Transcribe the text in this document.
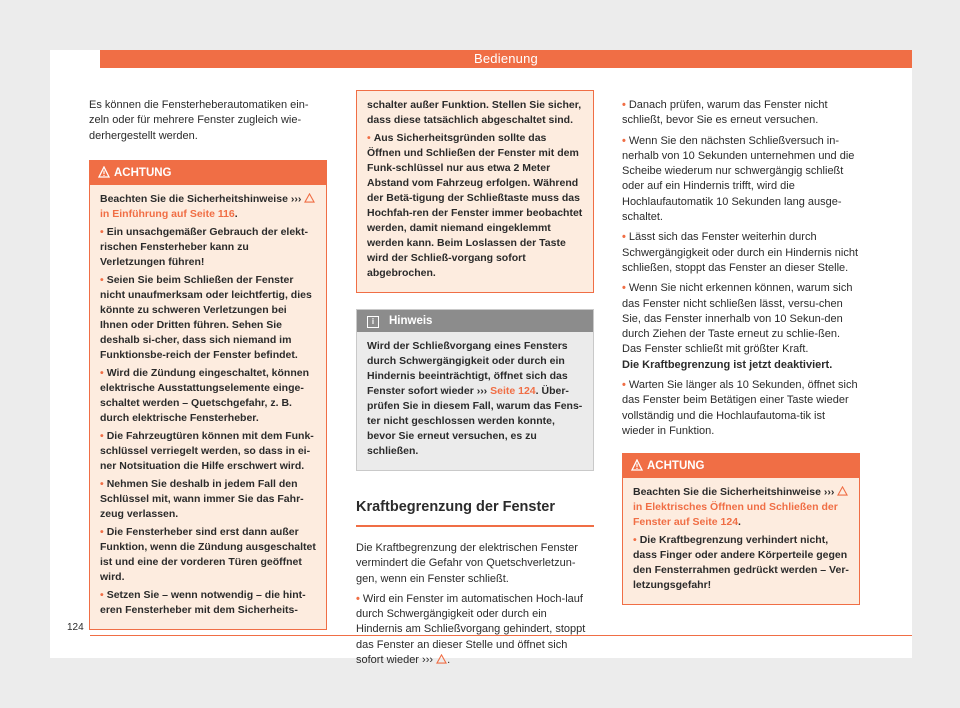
Bedienung

Es können die Fensterheberautomatiken ein-zeln oder für mehrere Fenster zugleich wie-derhergestellt werden.

ACHTUNG

Beachten Sie die Sicherheitshinweise ›››
in Einführung auf Seite 116.

• Ein unsachgemäßer Gebrauch der elekt-rischen Fensterheber kann zu Verletzungen führen!

• Seien Sie beim Schließen der Fenster nicht unaufmerksam oder leichtfertig, dies könnte zu schweren Verletzungen bei Ihnen oder Dritten führen. Sehen Sie deshalb si-cher, dass sich niemand im Funktionsbe-reich der Fenster befindet.

• Wird die Zündung eingeschaltet, können elektrische Ausstattungselemente einge-schaltet werden – Quetschgefahr, z. B. durch elektrische Fensterheber.

• Die Fahrzeugtüren können mit dem Funk-schlüssel verriegelt werden, so dass in ei-ner Notsituation die Hilfe erschwert wird.

• Nehmen Sie deshalb in jedem Fall den Schlüssel mit, wann immer Sie das Fahr-zeug verlassen.

• Die Fensterheber sind erst dann außer Funktion, wenn die Zündung ausgeschaltet ist und eine der vorderen Türen geöffnet wird.

• Setzen Sie – wenn notwendig – die hint-eren Fensterheber mit dem Sicherheits-

schalter außer Funktion. Stellen Sie sicher, dass diese tatsächlich abgeschaltet sind.

• Aus Sicherheitsgründen sollte das Öffnen und Schließen der Fenster mit dem Funk-schlüssel nur aus etwa 2 Meter Abstand vom Fahrzeug erfolgen. Während der Betä-tigung der Schließtaste muss das Hochfah-ren der Fenster immer beobachtet werden, damit niemand eingeklemmt werden kann. Beim Loslassen der Taste wird der Schließ-vorgang sofort abgebrochen.

i	Hinweis

Wird der Schließvorgang eines Fensters durch Schwergängigkeit oder durch ein Hindernis beeinträchtigt, öffnet sich das Fenster sofort wieder ››› Seite 124. Über-prüfen Sie in diesem Fall, warum das Fens-ter nicht geschlossen werden konnte, bevor Sie erneut versuchen, es zu schließen.

Kraftbegrenzung der Fenster

Die Kraftbegrenzung der elektrischen Fenster vermindert die Gefahr von Quetschverletzun-gen, wenn ein Fenster schließt.

• Wird ein Fenster im automatischen Hoch-lauf durch Schwergängigkeit oder durch ein Hindernis am Schließvorgang gehindert, stoppt das Fenster an dieser Stelle und öffnet sich sofort wieder ››› .

• Danach prüfen, warum das Fenster nicht schließt, bevor Sie es erneut versuchen.

• Wenn Sie den nächsten Schließversuch in-nerhalb von 10 Sekunden unternehmen und die Scheibe wiederum nur schwergängig schließt oder auf ein Hindernis trifft, wird die Hochlaufautomatik 10 Sekunden lang ausge-schaltet.

• Lässt sich das Fenster weiterhin durch Schwergängigkeit oder durch ein Hindernis nicht schließen, stoppt das Fenster an dieser Stelle.

• Wenn Sie nicht erkennen können, warum sich das Fenster nicht schließen lässt, versu-chen Sie, das Fenster innerhalb von 10 Sekun-den durch Ziehen der Taste erneut zu schlie-ßen. Das Fenster schließt mit größter Kraft.

Die Kraftbegrenzung ist jetzt deaktiviert.

• Warten Sie länger als 10 Sekunden, öffnet sich das Fenster beim Betätigen einer Taste wieder vollständig und die Hochlaufautoma-tik ist wieder in Funktion.

ACHTUNG

Beachten Sie die Sicherheitshinweise ›››
in Elektrisches Öffnen und Schließen der Fenster auf Seite 124.

• Die Kraftbegrenzung verhindert nicht, dass Finger oder andere Körperteile gegen den Fensterrahmen gedrückt werden – Ver-letzungsgefahr!

124
